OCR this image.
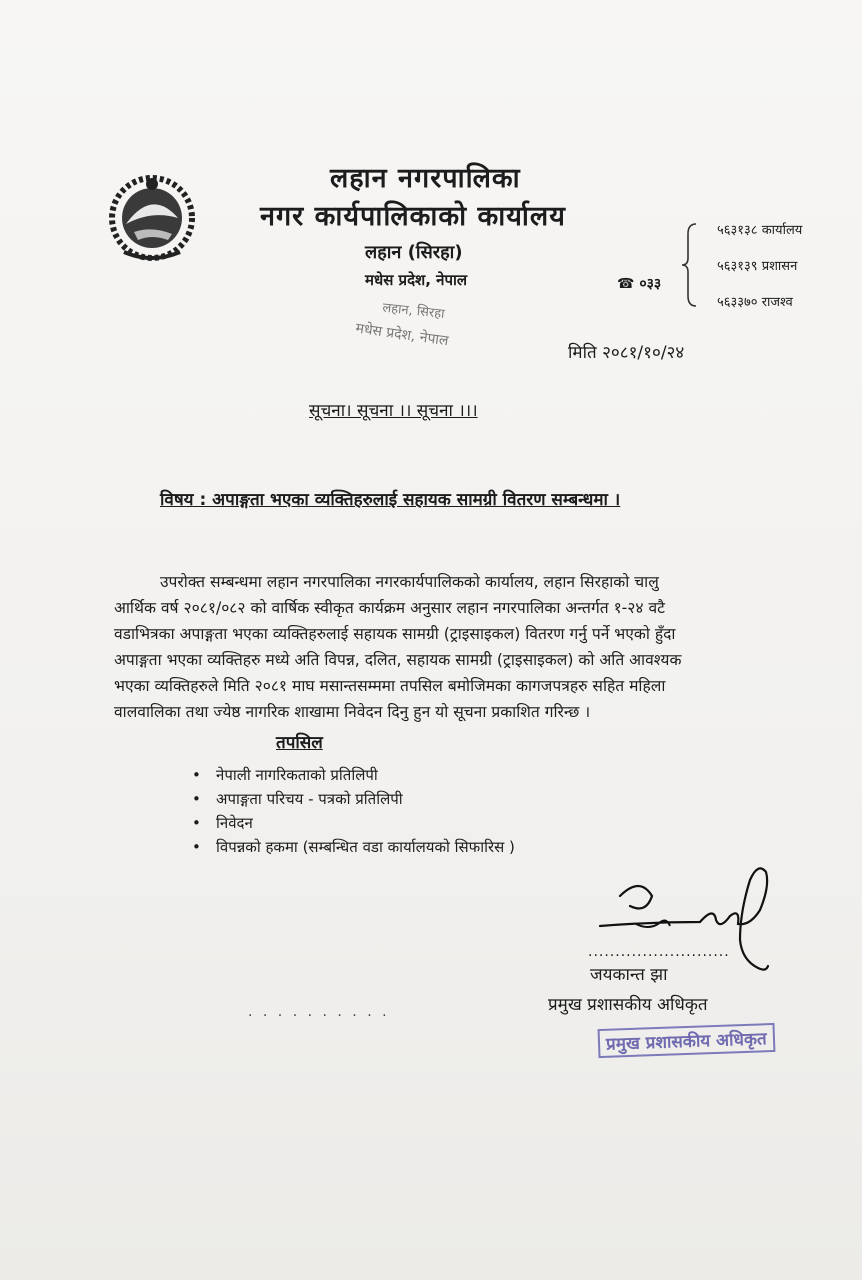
लहान नगरपालिका
नगर कार्यपालिकाको कार्यालय
लहान (सिरहा)
मधेस प्रदेश, नेपाल
लहान, सिरहा
मधेस प्रदेश, नेपाल
☎ ०३३
५६३१३८ कार्यालय
५६३१३९ प्रशासन
५६३३७० राजश्व
मिति २०८१/१०/२४
सूचना। सूचना ।। सूचना ।।।
विषय : अपाङ्गता भएका व्यक्तिहरुलाई सहायक सामग्री वितरण सम्बन्धमा ।
उपरोक्त सम्बन्धमा लहान नगरपालिका नगरकार्यपालिकको कार्यालय, लहान सिरहाको चालु
आर्थिक वर्ष २०८१/०८२ को वार्षिक स्वीकृत कार्यक्रम अनुसार लहान नगरपालिका अन्तर्गत १-२४ वटै
वडाभित्रका अपाङ्गता भएका व्यक्तिहरुलाई सहायक सामग्री (ट्राइसाइकल) वितरण गर्नु पर्ने भएको हुँदा
अपाङ्गता भएका व्यक्तिहरु मध्ये अति विपन्न, दलित, सहायक सामग्री (ट्राइसाइकल) को अति आवश्यक
भएका व्यक्तिहरुले मिति २०८१ माघ मसान्तसम्ममा तपसिल बमोजिमका कागजपत्रहरु सहित महिला
वालवालिका तथा ज्येष्ठ नागरिक शाखामा निवेदन दिनु हुन यो सूचना प्रकाशित गरिन्छ ।
तपसिल
• नेपाली नागरिकताको प्रतिलिपी
• अपाङ्गता परिचय - पत्रको प्रतिलिपी
• निवेदन
• विपन्नको हकमा (सम्बन्धित वडा कार्यालयको सिफारिस )
..........................
जयकान्त झा
प्रमुख प्रशासकीय अधिकृत
प्रमुख प्रशासकीय अधिकृत
. . . . . . . . . .
